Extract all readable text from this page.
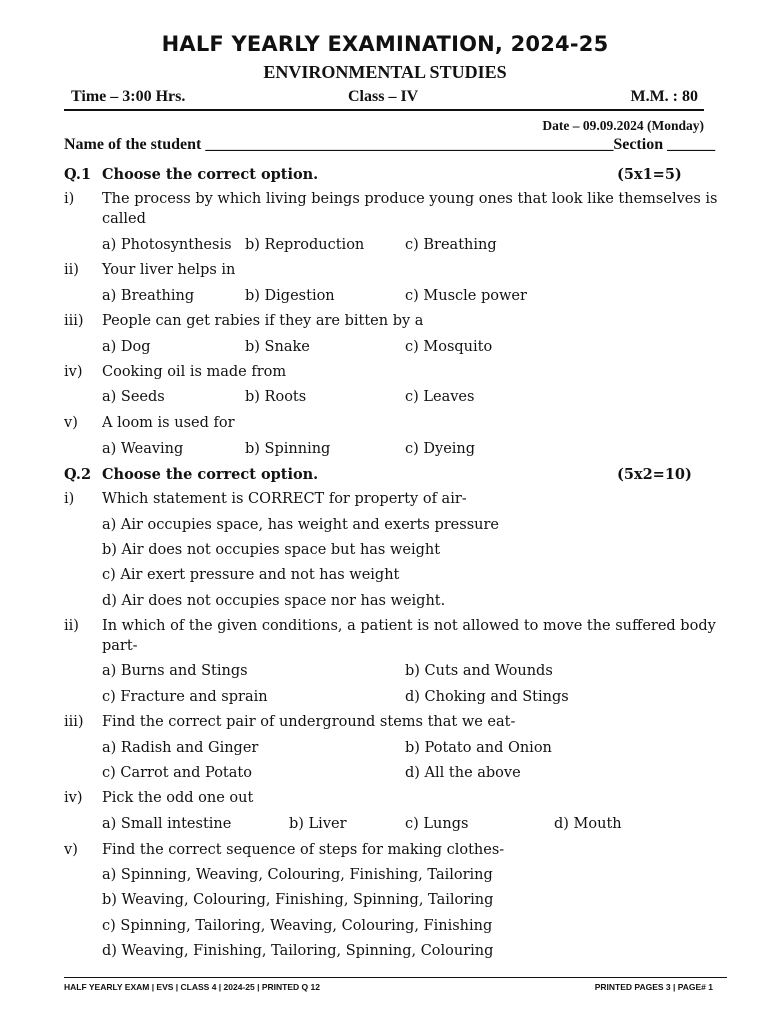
HALF YEARLY EXAMINATION, 2024-25
ENVIRONMENTAL STUDIES
Time – 3:00 Hrs.	Class – IV	M.M. : 80
Date – 09.09.2024 (Monday)
Name of the student ___________________________________________________Section ______
Q.1 Choose the correct option.	(5x1=5)
i) The process by which living beings produce young ones that look like themselves is
called
a) Photosynthesis b) Reproduction	c) Breathing
ii) Your liver helps in
a) Breathing	b) Digestion	c) Muscle power
iii) People can get rabies if they are bitten by a
a) Dog	b) Snake	c) Mosquito
iv) Cooking oil is made from
a) Seeds	b) Roots	c) Leaves
v) A loom is used for
a) Weaving	b) Spinning	c) Dyeing
Q.2 Choose the correct option.	(5x2=10)
i) Which statement is CORRECT for property of air-
a) Air occupies space, has weight and exerts pressure
b) Air does not occupies space but has weight
c) Air exert pressure and not has weight
d) Air does not occupies space nor has weight.
ii) In which of the given conditions, a patient is not allowed to move the suffered body
part-
a) Burns and Stings	b) Cuts and Wounds
c) Fracture and sprain	d) Choking and Stings
iii) Find the correct pair of underground stems that we eat-
a) Radish and Ginger	b) Potato and Onion
c) Carrot and Potato	d) All the above
iv) Pick the odd one out
a) Small intestine	b) Liver	c) Lungs	d) Mouth
v) Find the correct sequence of steps for making clothes-
a) Spinning, Weaving, Colouring, Finishing, Tailoring
b) Weaving, Colouring, Finishing, Spinning, Tailoring
c) Spinning, Tailoring, Weaving, Colouring, Finishing
d) Weaving, Finishing, Tailoring, Spinning, Colouring
HALF YEARLY EXAM | EVS | CLASS 4 | 2024-25 | PRINTED Q 12	PRINTED PAGES 3 | PAGE# 1
